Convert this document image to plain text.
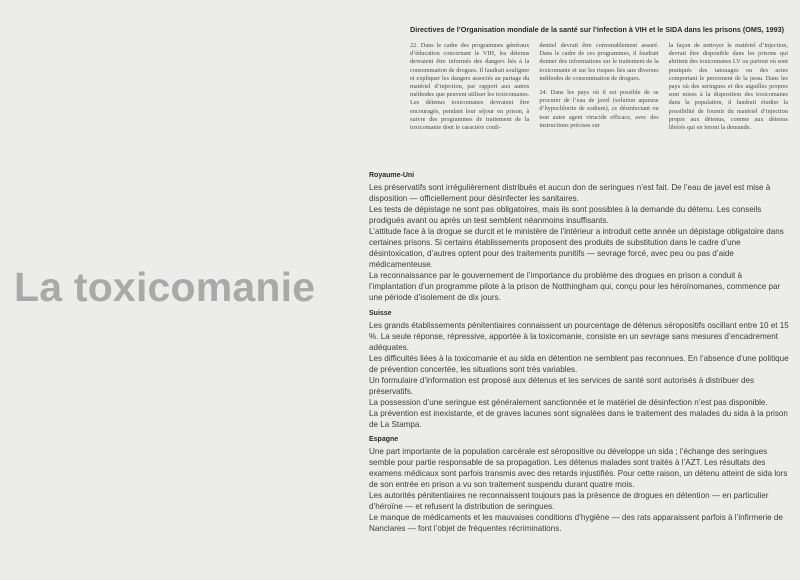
La toxicomanie
Directives de l’Organisation mondiale de la santé sur l’infection à VIH et le SIDA dans les prisons (OMS, 1993)

22. Dans le cadre des programmes généraux d’éducation concernant le VIH, les détenus devraient être informés des dangers liés à la consommation de drogues. Il faudrait souligner et expliquer les dangers associés au partage du matériel d’injection, par rapport aux autres méthodes que peuvent utiliser les toxicomanes. Les détenus toxicomanes devraient être encouragés, pendant leur séjour en prison, à suivre des programmes de traitement de la toxicomanie dont le caractère confi-

dentiel devrait être convenablement assuré. Dans le cadre de ces programmes, il faudrait donner des informations sur le traitement de la toxicomanie et sur les risques liés aux diverses méthodes de consommation de drogues.

24. Dans les pays où il est possible de se procurer de l’eau de javel (solution aqueuse d’hypochlorite de sodium), ce désinfectant ou tout autre agent virucide efficace, avec des instructions précises sur

la façon de nettoyer le matériel d’injection, devrait être disponible dans les prisons qui abritent des toxicomanes LV ou partout où sont pratiqués des tatouages ou des actes comportant le percement de la peau. Dans les pays où des seringues et des aiguilles propres sont mises à la disposition des toxicomanes dans la population, il faudrait étudier la possibilité de fournir du matériel d’injection propre aux détenus, comme aux détenus libérés qui en feront la demande.

Royaume-Uni

Les préservatifs sont irrégulièrement distribués et aucun don de seringues n’est fait. De l’eau de javel est mise à disposition — officiellement pour désinfecter les sanitaires.

Les tests de dépistage ne sont pas obligatoires, mais ils sont possibles à la demande du détenu. Les conseils prodigués avant ou après un test semblent néanmoins insuffisants.

L’attitude face à la drogue se durcit et le ministère de l’intérieur a introduit cette année un dépistage obligatoire dans certaines prisons. Si certains établissements proposent des produits de substitution dans le cadre d’une désintoxication, d’autres optent pour des traitements punitifs — sevrage forcé, avec peu ou pas d’aide médicamenteuse.

La reconnaissance par le gouvernement de l’importance du problème des drogues en prison a conduit à l’implantation d’un programme pilote à la prison de Notthingham qui, conçu pour les héroïnomanes, commence par une période d’isolement de dix jours.

Suisse

Les grands établissements pénitentiaires connaissent un pourcentage de détenus séropositifs oscillant entre 10 et 15 %. La seule réponse, répressive, apportée à la toxicomanie, consiste en un sevrage sans mesures d’encadrement adéquates.

Les difficultés liées à la toxicomanie et au sida en détention ne semblent pas reconnues. En l’absence d’une politique de prévention concertée, les situations sont très variables.

Un formulaire d’information est proposé aux détenus et les services de santé sont autorisés à distribuer des préservatifs.

La possession d’une seringue est généralement sanctionnée et le matériel de désinfection n’est pas disponible.

La prévention est inexistante, et de graves lacunes sont signalées dans le traitement des malades du sida à la prison de La Stampa.

Espagne

Une part importante de la population carcérale est séropositive ou développe un sida ; l’échange des seringues semble pour partie responsable de sa propagation. Les détenus malades sont traités à l’AZT. Les résultats des examens médicaux sont parfois transmis avec des retards injustifiés. Pour cette raison, un détenu atteint de sida lors de son entrée en prison a vu son traitement suspendu durant quatre mois.

Les autorités pénitentiaires ne reconnaissent toujours pas la présence de drogues en détention — en particulier d’héroïne — et refusent la distribution de seringues.

Le manque de médicaments et les mauvaises conditions d’hygiène — des rats apparaissent parfois à l’infirmerie de Nanclares — font l’objet de fréquentes récriminations.
